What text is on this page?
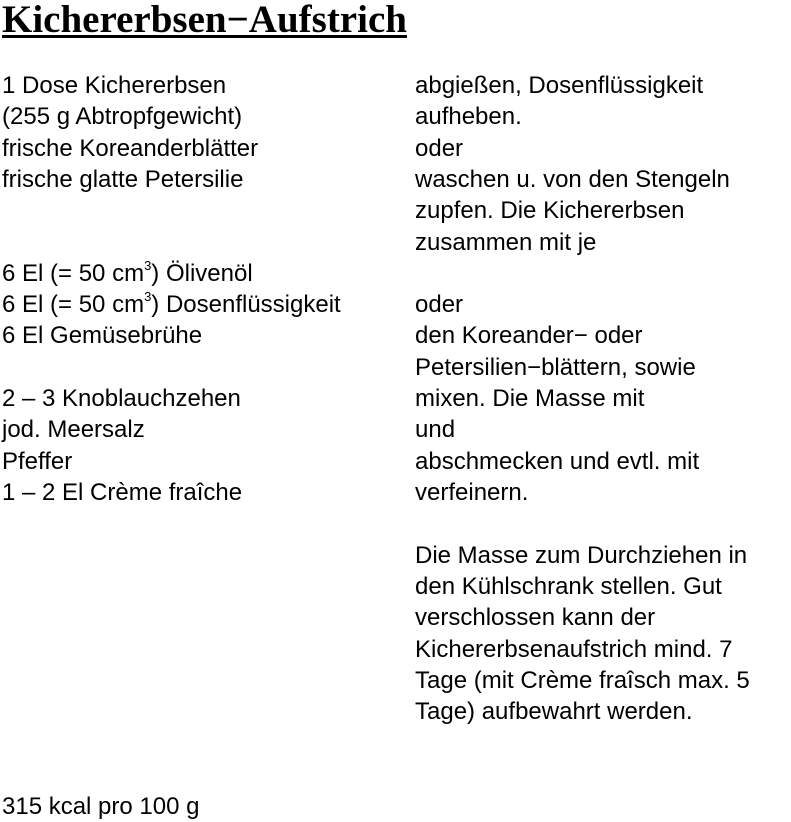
Kichererbsen−Aufstrich
1 Dose Kichererbsen
(255 g Abtropfgewicht)
frische Koreanderblätter
frische glatte Petersilie
6 El (= 50 $cm^3$) Ölivenöl
6 El (= 50 $cm^3$) Dosenflüssigkeit
6 El Gemüsebrühe
2 – 3 Knoblauchzehen
jod. Meersalz
Pfeffer
1 – 2 El Crème fraîche
abgießen, Dosenflüssigkeit
aufheben.
oder
waschen u. von den Stengeln
zupfen. Die Kichererbsen
zusammen mit je
oder
den Koreander− oder
Petersilien−blättern, sowie
mixen. Die Masse mit
und
abschmecken und evtl. mit
verfeinern.
Die Masse zum Durchziehen in
den Kühlschrank stellen. Gut
verschlossen kann der
Kichererbsenaufstrich mind. 7
Tage (mit Crème fraîsch max. 5
Tage) aufbewahrt werden.
315 kcal pro 100 g
